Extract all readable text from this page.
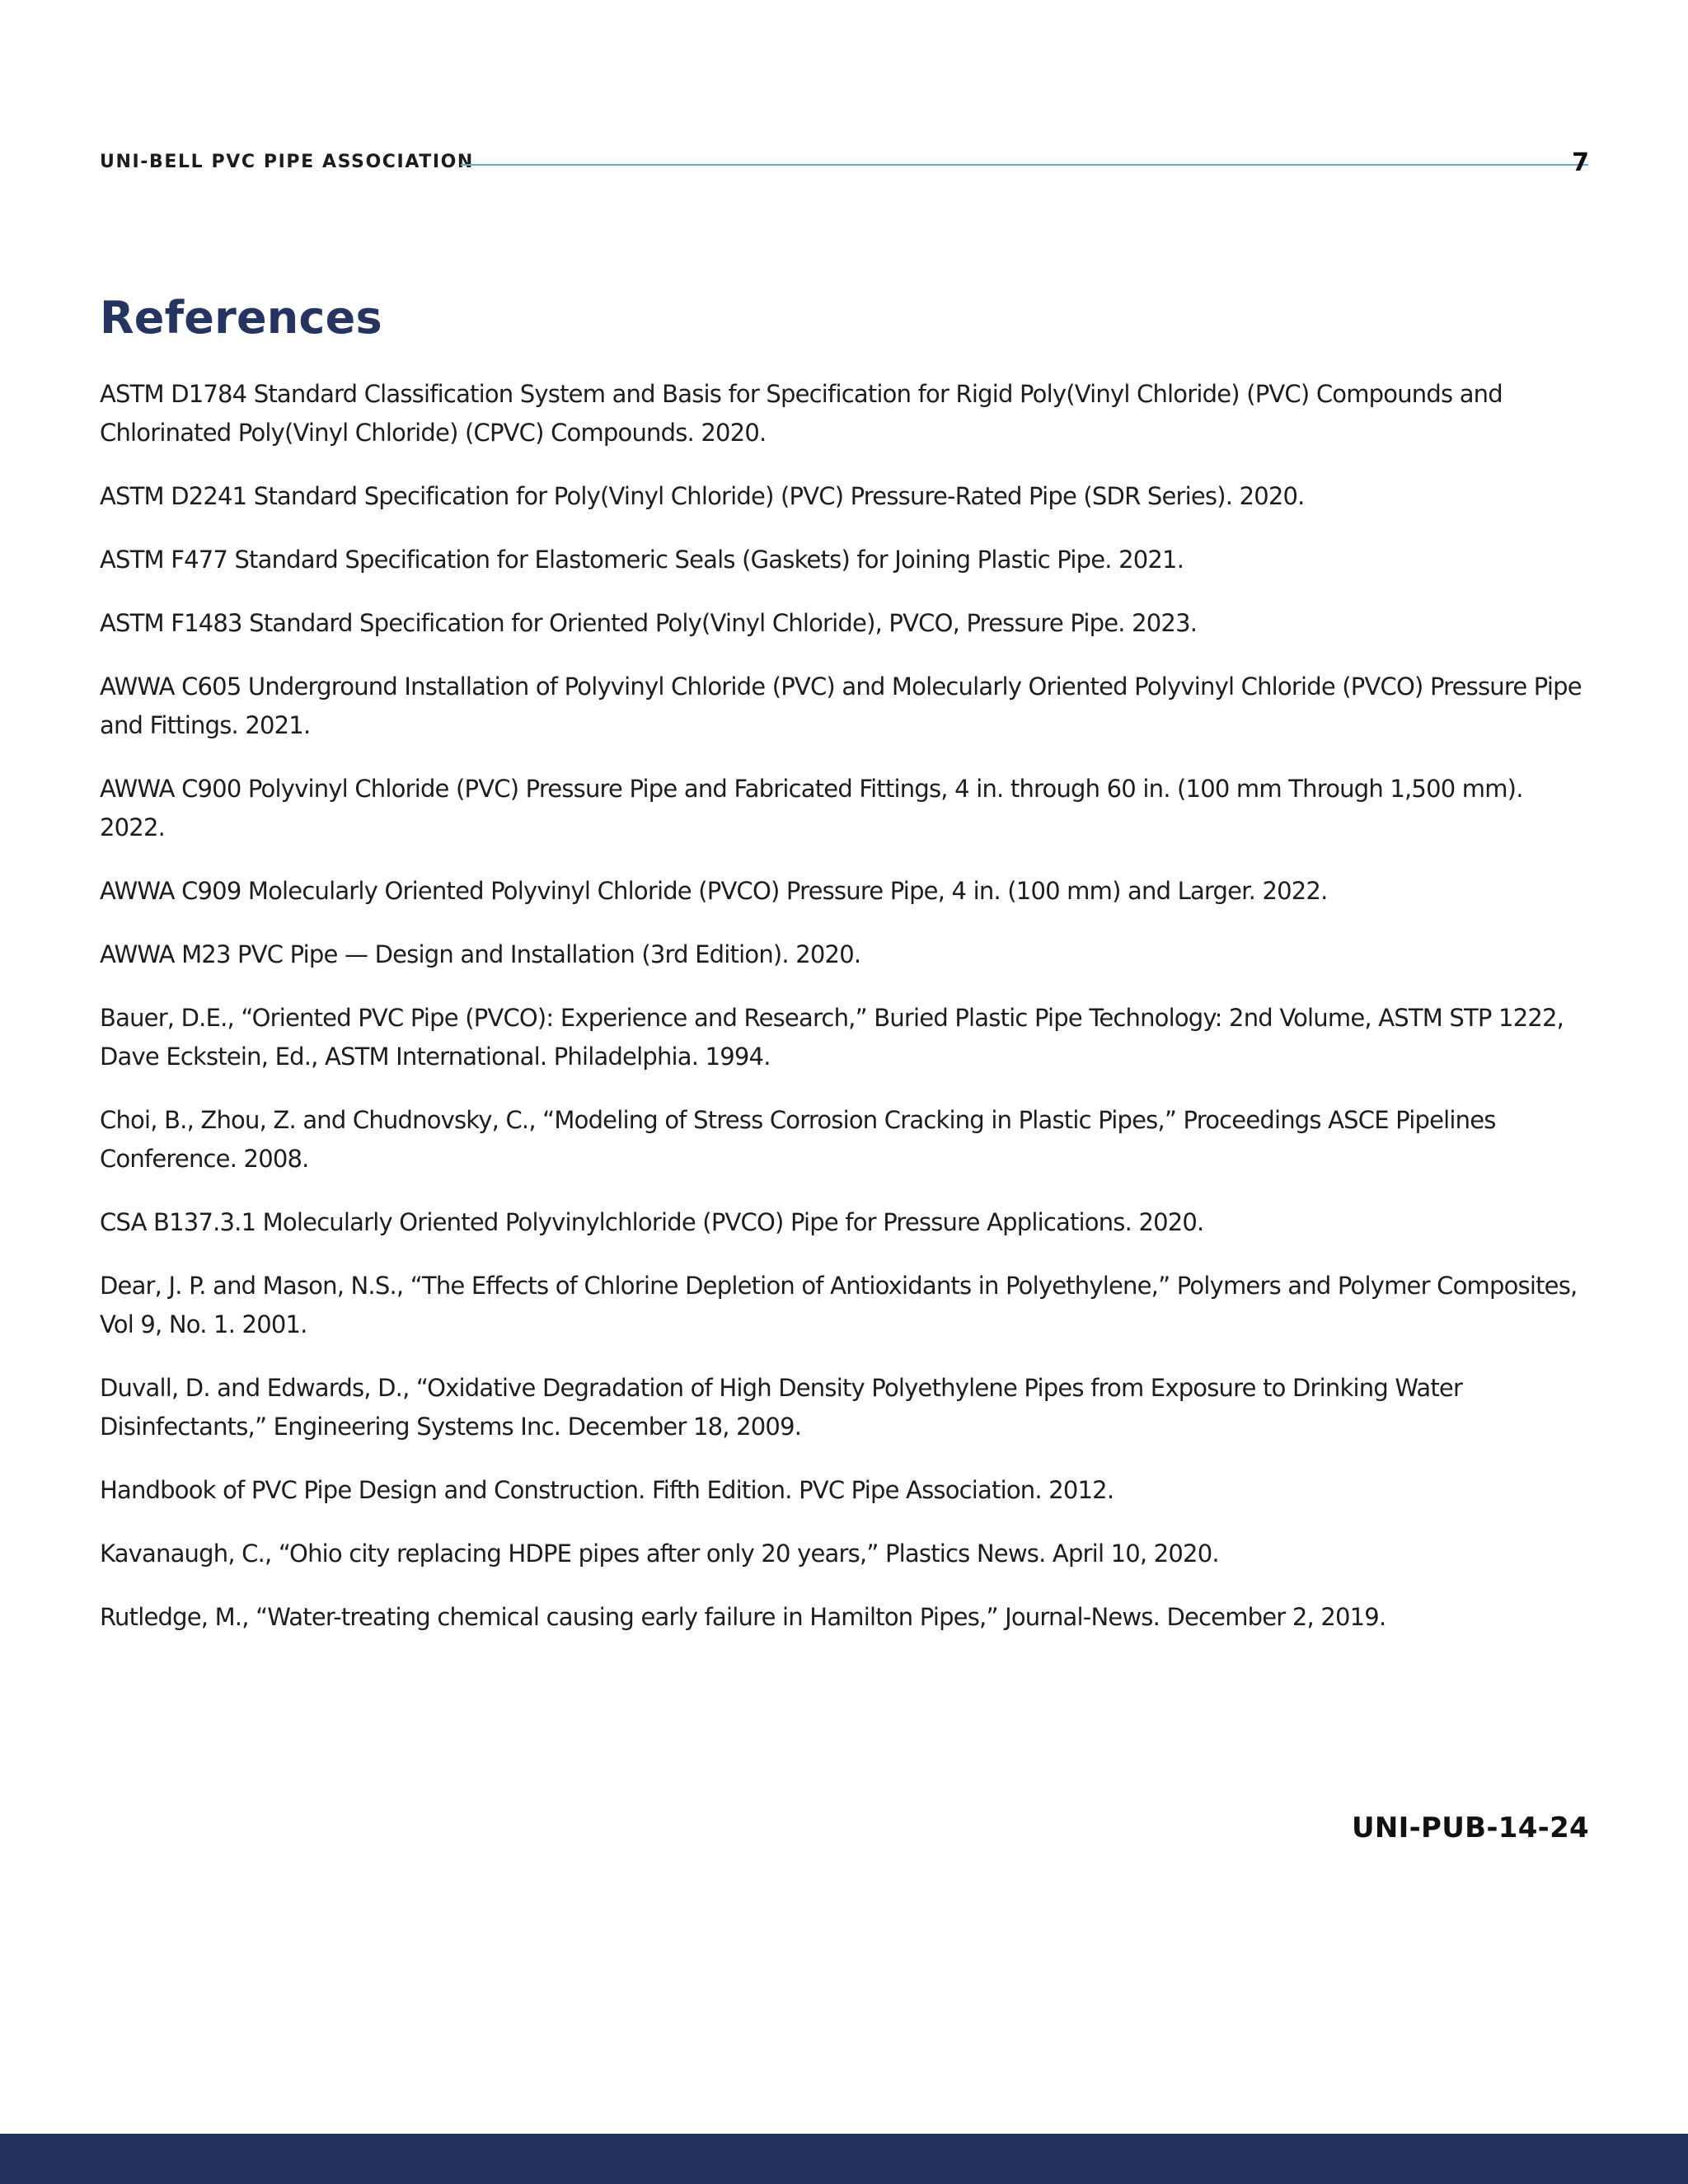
UNI-BELL PVC PIPE ASSOCIATION	7
References
ASTM D1784 Standard Classification System and Basis for Specification for Rigid Poly(Vinyl Chloride) (PVC) Compounds and Chlorinated Poly(Vinyl Chloride) (CPVC) Compounds. 2020.
ASTM D2241 Standard Specification for Poly(Vinyl Chloride) (PVC) Pressure-Rated Pipe (SDR Series). 2020.
ASTM F477 Standard Specification for Elastomeric Seals (Gaskets) for Joining Plastic Pipe. 2021.
ASTM F1483 Standard Specification for Oriented Poly(Vinyl Chloride), PVCO, Pressure Pipe. 2023.
AWWA C605 Underground Installation of Polyvinyl Chloride (PVC) and Molecularly Oriented Polyvinyl Chloride (PVCO) Pressure Pipe and Fittings. 2021.
AWWA C900 Polyvinyl Chloride (PVC) Pressure Pipe and Fabricated Fittings, 4 in. through 60 in. (100 mm Through 1,500 mm). 2022.
AWWA C909 Molecularly Oriented Polyvinyl Chloride (PVCO) Pressure Pipe, 4 in. (100 mm) and Larger. 2022.
AWWA M23 PVC Pipe — Design and Installation (3rd Edition). 2020.
Bauer, D.E., “Oriented PVC Pipe (PVCO): Experience and Research,” Buried Plastic Pipe Technology: 2nd Volume, ASTM STP 1222, Dave Eckstein, Ed., ASTM International. Philadelphia. 1994.
Choi, B., Zhou, Z. and Chudnovsky, C., “Modeling of Stress Corrosion Cracking in Plastic Pipes,” Proceedings ASCE Pipelines Conference. 2008.
CSA B137.3.1 Molecularly Oriented Polyvinylchloride (PVCO) Pipe for Pressure Applications. 2020.
Dear, J. P. and Mason, N.S., “The Effects of Chlorine Depletion of Antioxidants in Polyethylene,” Polymers and Polymer Composites, Vol 9, No. 1. 2001.
Duvall, D. and Edwards, D., “Oxidative Degradation of High Density Polyethylene Pipes from Exposure to Drinking Water Disinfectants,” Engineering Systems Inc. December 18, 2009.
Handbook of PVC Pipe Design and Construction. Fifth Edition. PVC Pipe Association. 2012.
Kavanaugh, C., “Ohio city replacing HDPE pipes after only 20 years,” Plastics News. April 10, 2020.
Rutledge, M., “Water-treating chemical causing early failure in Hamilton Pipes,” Journal-News. December 2, 2019.
UNI-PUB-14-24
